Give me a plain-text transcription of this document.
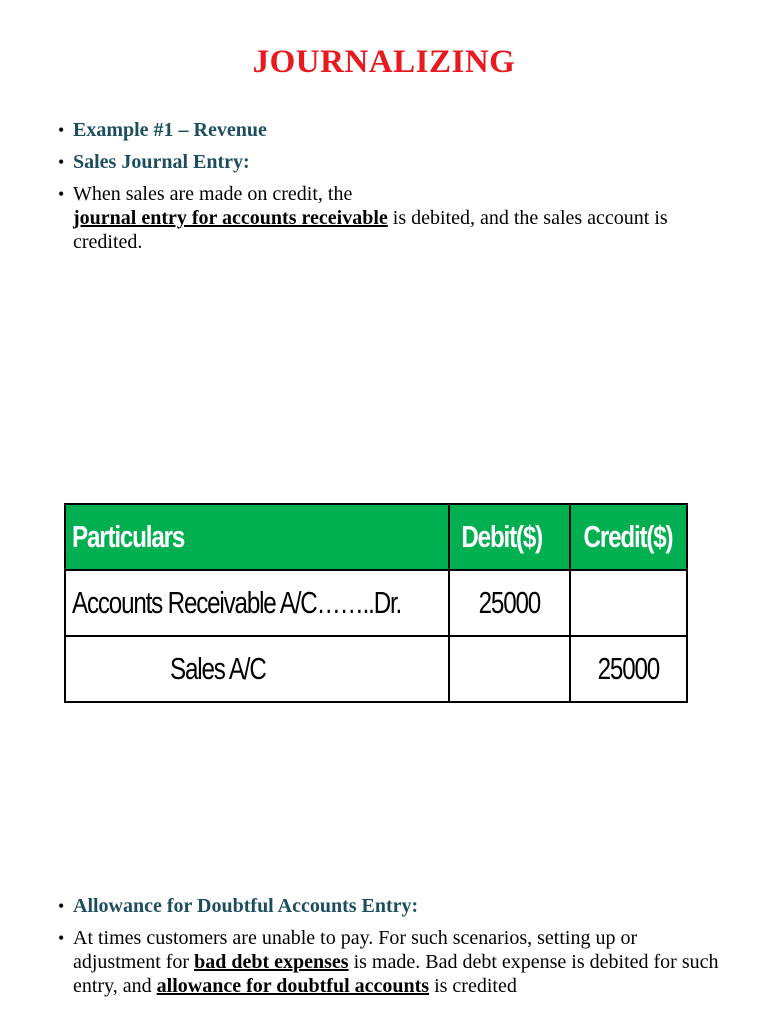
JOURNALIZING
• Example #1 – Revenue
• Sales Journal Entry:
• When sales are made on credit, the
journal entry for accounts receivable is debited, and the sales account is credited.
Particulars	Debit($)	Credit($)
Accounts Receivable A/C……..Dr.	25000	
Sales A/C		25000
• Allowance for Doubtful Accounts Entry:
• At times customers are unable to pay. For such scenarios, setting up or adjustment for bad debt expenses is made. Bad debt expense is debited for such entry, and allowance for doubtful accounts is credited
